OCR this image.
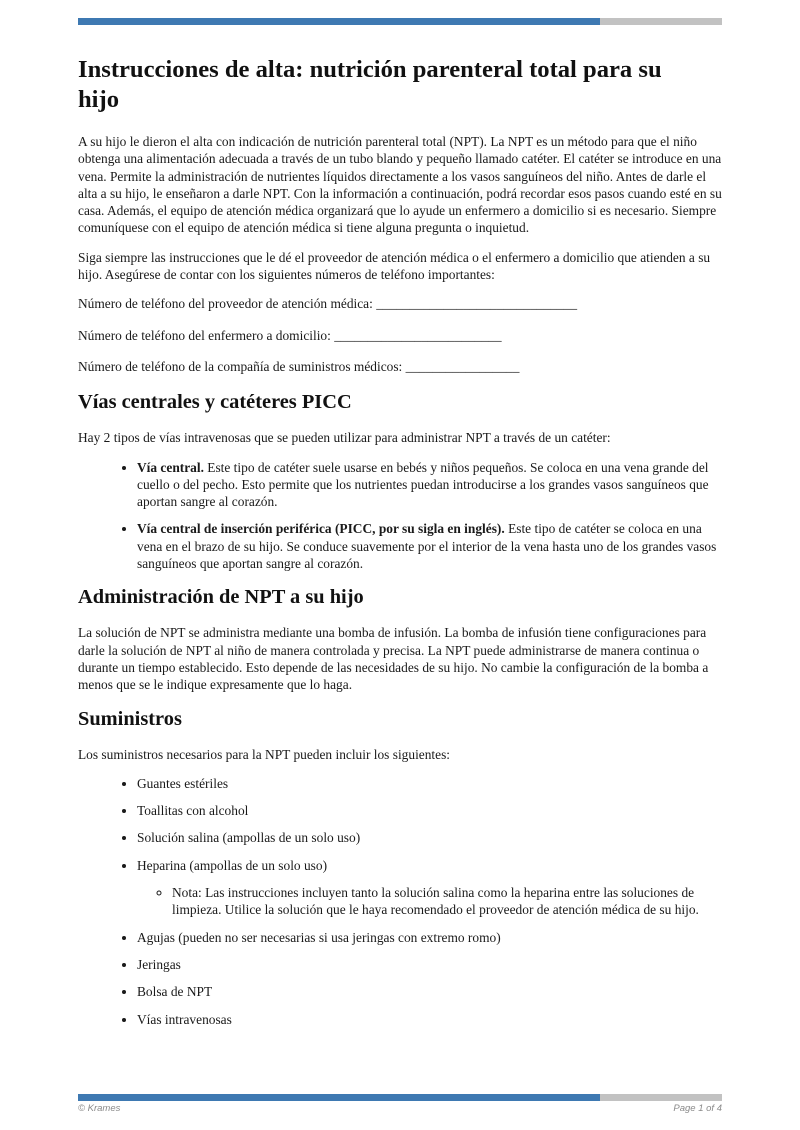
Instrucciones de alta: nutrición parenteral total para su hijo

A su hijo le dieron el alta con indicación de nutrición parenteral total (NPT). La NPT es un método para que el niño obtenga una alimentación adecuada a través de un tubo blando y pequeño llamado catéter. El catéter se introduce en una vena. Permite la administración de nutrientes líquidos directamente a los vasos sanguíneos del niño. Antes de darle el alta a su hijo, le enseñaron a darle NPT. Con la información a continuación, podrá recordar esos pasos cuando esté en su casa. Además, el equipo de atención médica organizará que lo ayude un enfermero a domicilio si es necesario. Siempre comuníquese con el equipo de atención médica si tiene alguna pregunta o inquietud.

Siga siempre las instrucciones que le dé el proveedor de atención médica o el enfermero a domicilio que atienden a su hijo. Asegúrese de contar con los siguientes números de teléfono importantes:

Número de teléfono del proveedor de atención médica: ______________________________

Número de teléfono del enfermero a domicilio: _________________________

Número de teléfono de la compañía de suministros médicos: _________________

Vías centrales y catéteres PICC

Hay 2 tipos de vías intravenosas que se pueden utilizar para administrar NPT a través de un catéter:

• Vía central. Este tipo de catéter suele usarse en bebés y niños pequeños. Se coloca en una vena grande del cuello o del pecho. Esto permite que los nutrientes puedan introducirse a los grandes vasos sanguíneos que aportan sangre al corazón.
• Vía central de inserción periférica (PICC, por su sigla en inglés). Este tipo de catéter se coloca en una vena en el brazo de su hijo. Se conduce suavemente por el interior de la vena hasta uno de los grandes vasos sanguíneos que aportan sangre al corazón.
Administración de NPT a su hijo

La solución de NPT se administra mediante una bomba de infusión. La bomba de infusión tiene configuraciones para darle la solución de NPT al niño de manera controlada y precisa. La NPT puede administrarse de manera continua o durante un tiempo establecido. Esto depende de las necesidades de su hijo. No cambie la configuración de la bomba a menos que se le indique expresamente que lo haga.

Suministros

Los suministros necesarios para la NPT pueden incluir los siguientes:

• Guantes estériles
• Toallitas con alcohol
• Solución salina (ampollas de un solo uso)
• Heparina (ampollas de un solo uso)
◦ Nota: Las instrucciones incluyen tanto la solución salina como la heparina entre las soluciones de limpieza. Utilice la solución que le haya recomendado el proveedor de atención médica de su hijo.
• Agujas (pueden no ser necesarias si usa jeringas con extremo romo)
• Jeringas
• Bolsa de NPT
• Vías intravenosas
© Krames	Page 1 of 4
